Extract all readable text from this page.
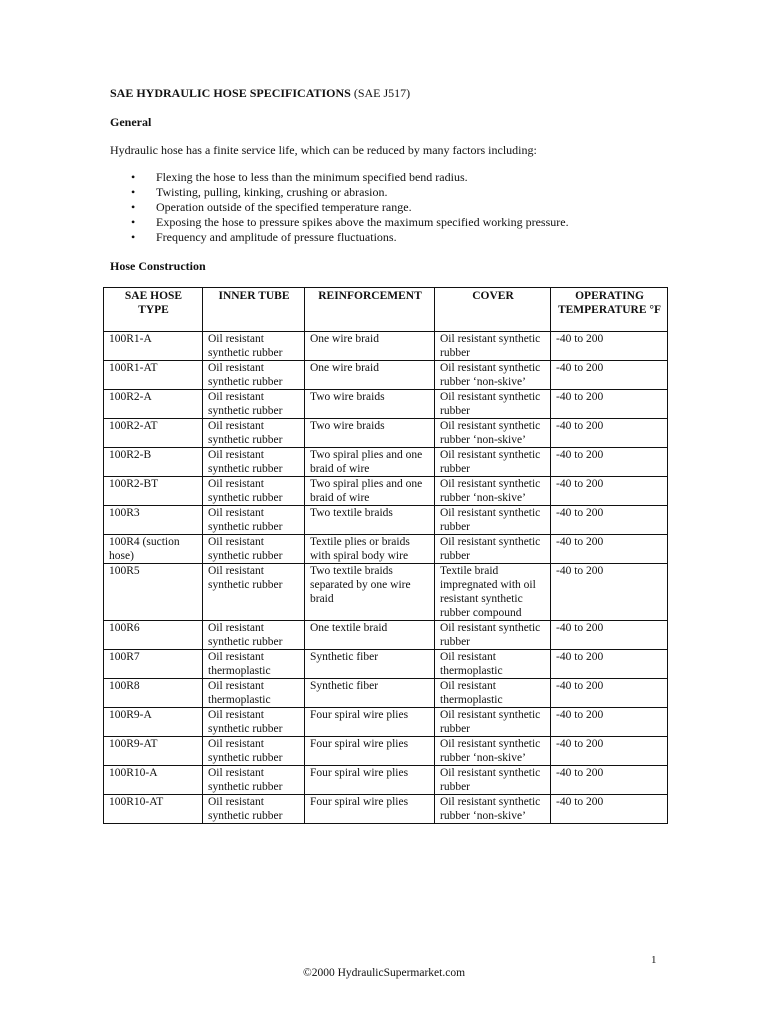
SAE HYDRAULIC HOSE SPECIFICATIONS (SAE J517)
General
Hydraulic hose has a finite service life, which can be reduced by many factors including:
• Flexing the hose to less than the minimum specified bend radius.
• Twisting, pulling, kinking, crushing or abrasion.
• Operation outside of the specified temperature range.
• Exposing the hose to pressure spikes above the maximum specified working pressure.
• Frequency and amplitude of pressure fluctuations.
Hose Construction
SAE HOSE TYPE	INNER TUBE	REINFORCEMENT	COVER	OPERATING TEMPERATURE °F
100R1-A	Oil resistant synthetic rubber	One wire braid	Oil resistant synthetic rubber	-40 to 200
100R1-AT	Oil resistant synthetic rubber	One wire braid	Oil resistant synthetic rubber ‘non-skive’	-40 to 200
100R2-A	Oil resistant synthetic rubber	Two wire braids	Oil resistant synthetic rubber	-40 to 200
100R2-AT	Oil resistant synthetic rubber	Two wire braids	Oil resistant synthetic rubber ‘non-skive’	-40 to 200
100R2-B	Oil resistant synthetic rubber	Two spiral plies and one braid of wire	Oil resistant synthetic rubber	-40 to 200
100R2-BT	Oil resistant synthetic rubber	Two spiral plies and one braid of wire	Oil resistant synthetic rubber ‘non-skive’	-40 to 200
100R3	Oil resistant synthetic rubber	Two textile braids	Oil resistant synthetic rubber	-40 to 200
100R4 (suction hose)	Oil resistant synthetic rubber	Textile plies or braids with spiral body wire	Oil resistant synthetic rubber	-40 to 200
100R5	Oil resistant synthetic rubber	Two textile braids separated by one wire braid	Textile braid impregnated with oil resistant synthetic rubber compound	-40 to 200
100R6	Oil resistant synthetic rubber	One textile braid	Oil resistant synthetic rubber	-40 to 200
100R7	Oil resistant thermoplastic	Synthetic fiber	Oil resistant thermoplastic	-40 to 200
100R8	Oil resistant thermoplastic	Synthetic fiber	Oil resistant thermoplastic	-40 to 200
100R9-A	Oil resistant synthetic rubber	Four spiral wire plies	Oil resistant synthetic rubber	-40 to 200
100R9-AT	Oil resistant synthetic rubber	Four spiral wire plies	Oil resistant synthetic rubber ‘non-skive’	-40 to 200
100R10-A	Oil resistant synthetic rubber	Four spiral wire plies	Oil resistant synthetic rubber	-40 to 200
100R10-AT	Oil resistant synthetic rubber	Four spiral wire plies	Oil resistant synthetic rubber ‘non-skive’	-40 to 200
1
©2000 HydraulicSupermarket.com
